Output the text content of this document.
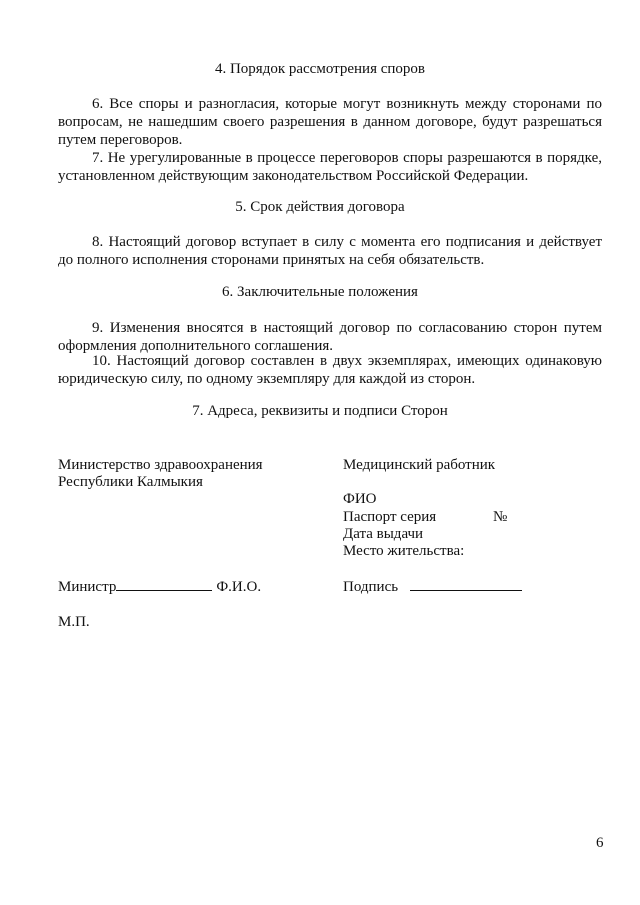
4. Порядок рассмотрения споров

6. Все споры и разногласия, которые могут возникнуть между сторонами по вопросам, не нашедшим своего разрешения в данном договоре, будут разрешаться путем переговоров.

7. Не урегулированные в процессе переговоров споры разрешаются в порядке, установленном действующим законодательством Российской Федерации.

5. Срок действия договора

8. Настоящий договор вступает в силу с момента его подписания и действует до полного исполнения сторонами принятых на себя обязательств.

6. Заключительные положения

9. Изменения вносятся в настоящий договор по согласованию сторон путем оформления дополнительного соглашения.

10. Настоящий договор составлен в двух экземплярах, имеющих одинаковую юридическую силу, по одному экземпляру для каждой из сторон.

7. Адреса, реквизиты и подписи Сторон
Министерство здравоохранения
Республики Калмыкия
Медицинский работник
ФИО
Паспорт серия	№
Дата выдачи
Место жительства:
Министр	Ф.И.О.	Подпись
М.П.
6
